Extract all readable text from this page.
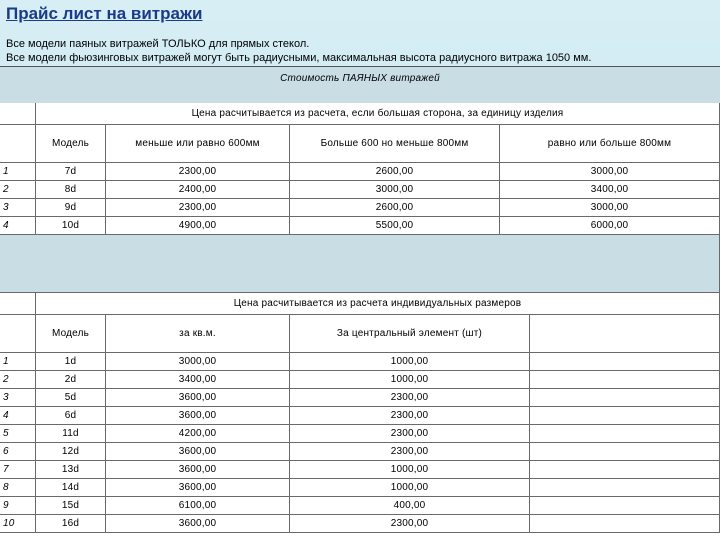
Прайс лист на витражи
Все модели паяных витражей ТОЛЬКО для прямых стекол.
Все модели фьюзинговых витражей могут быть радиусными, максимальная высота радиусного витража 1050 мм.
Стоимость ПАЯНЫХ витражей
Цена расчитывается из расчета, если большая сторона, за единицу изделия
Модель	меньше или равно 600мм	Больше 600 но меньше 800мм	равно или больше 800мм
1	7d	2300,00	2600,00	3000,00
2	8d	2400,00	3000,00	3400,00
3	9d	2300,00	2600,00	3000,00
4	10d	4900,00	5500,00	6000,00
Цена расчитывается из расчета индивидуальных размеров
Модель	за кв.м.	За центральный элемент (шт)
1	1d	3000,00	1000,00
2	2d	3400,00	1000,00
3	5d	3600,00	2300,00
4	6d	3600,00	2300,00
5	11d	4200,00	2300,00
6	12d	3600,00	2300,00
7	13d	3600,00	1000,00
8	14d	3600,00	1000,00
9	15d	6100,00	400,00
10	16d	3600,00	2300,00
